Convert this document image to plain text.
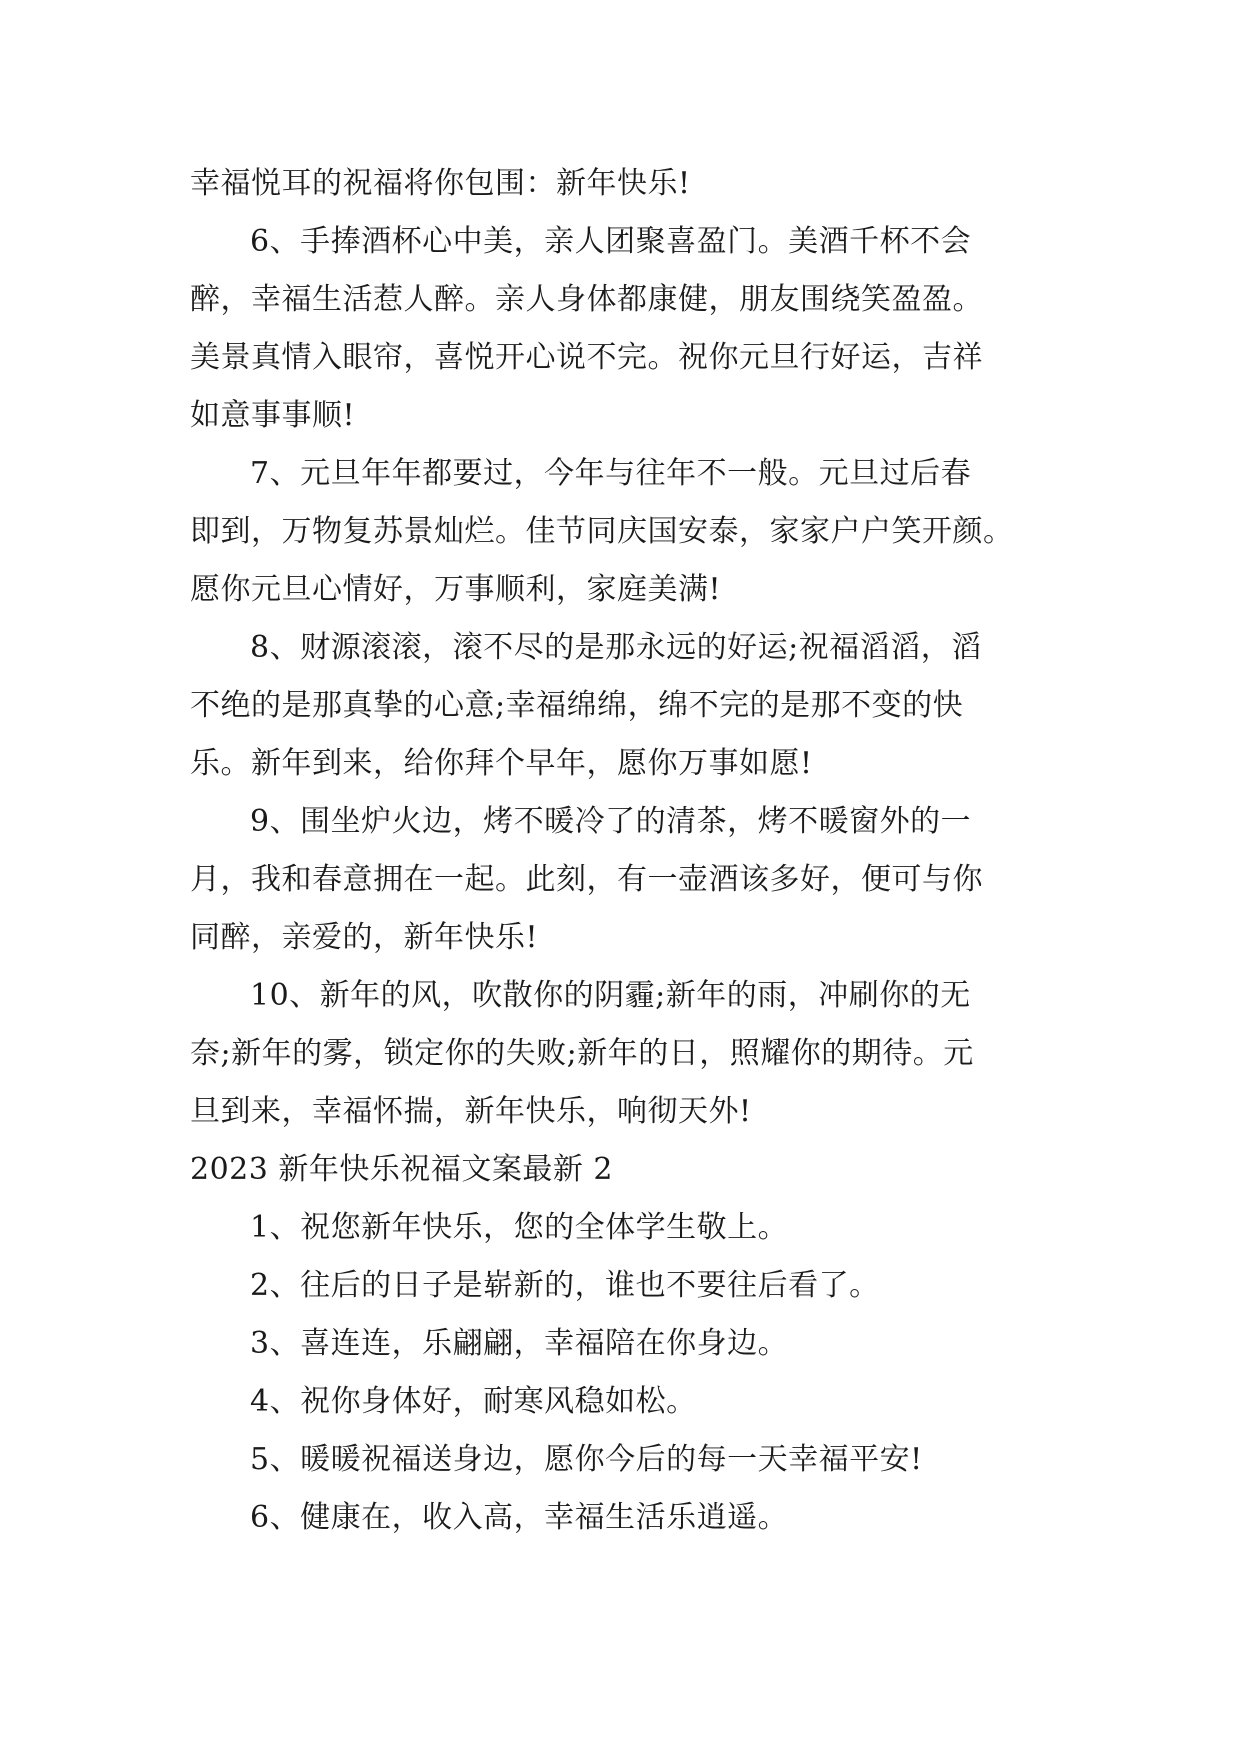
幸福悦耳的祝福将你包围：新年快乐!
6、手捧酒杯心中美，亲人团聚喜盈门。美酒千杯不会
醉，幸福生活惹人醉。亲人身体都康健，朋友围绕笑盈盈。
美景真情入眼帘，喜悦开心说不完。祝你元旦行好运，吉祥
如意事事顺!
7、元旦年年都要过，今年与往年不一般。元旦过后春
即到，万物复苏景灿烂。佳节同庆国安泰，家家户户笑开颜。
愿你元旦心情好，万事顺利，家庭美满!
8、财源滚滚，滚不尽的是那永远的好运;祝福滔滔，滔
不绝的是那真挚的心意;幸福绵绵，绵不完的是那不变的快
乐。新年到来，给你拜个早年，愿你万事如愿!
9、围坐炉火边，烤不暖冷了的清茶，烤不暖窗外的一
月，我和春意拥在一起。此刻，有一壶酒该多好，便可与你
同醉，亲爱的，新年快乐!
10、新年的风，吹散你的阴霾;新年的雨，冲刷你的无
奈;新年的雾，锁定你的失败;新年的日，照耀你的期待。元
旦到来，幸福怀揣，新年快乐，响彻天外!
2023 新年快乐祝福文案最新 2
1、祝您新年快乐，您的全体学生敬上。
2、往后的日子是崭新的，谁也不要往后看了。
3、喜连连，乐翩翩，幸福陪在你身边。
4、祝你身体好，耐寒风稳如松。
5、暖暖祝福送身边，愿你今后的每一天幸福平安!
6、健康在，收入高，幸福生活乐逍遥。
